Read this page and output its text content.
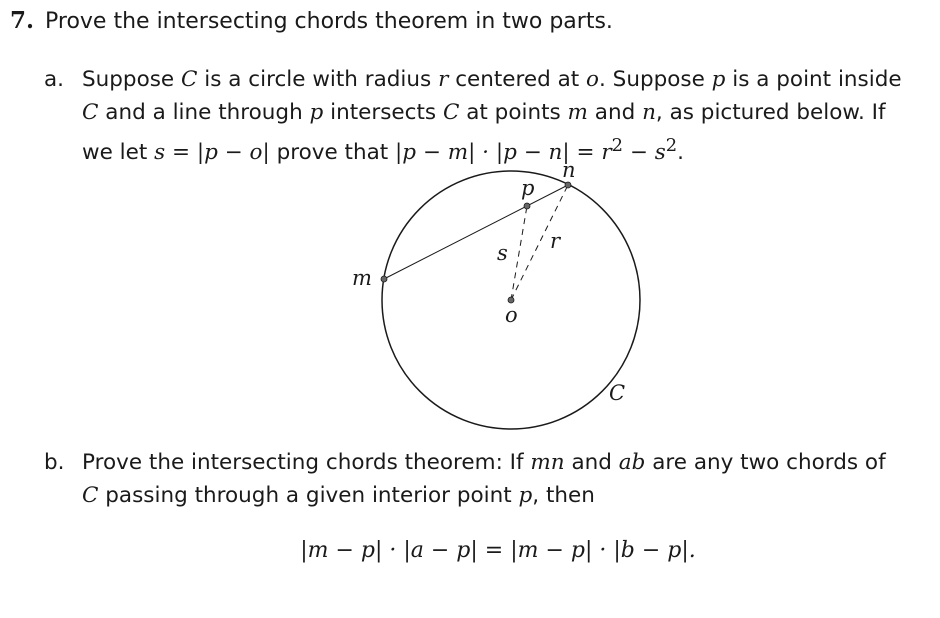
7. Prove the intersecting chords theorem in two parts.
a. Suppose C is a circle with radius r centered at o. Suppose p is a point inside C and a line through p intersects C at points m and n, as pictured below. If we let s = |p − o| prove that $|p - m| \cdot |p - n| = r^2 - s^2$.
p
n
m
s r
o
C
b. Prove the intersecting chords theorem: If mn and ab are any two chords of C passing through a given interior point p, then
|m − p| · |a − p| = |m − p| · |b − p|.
